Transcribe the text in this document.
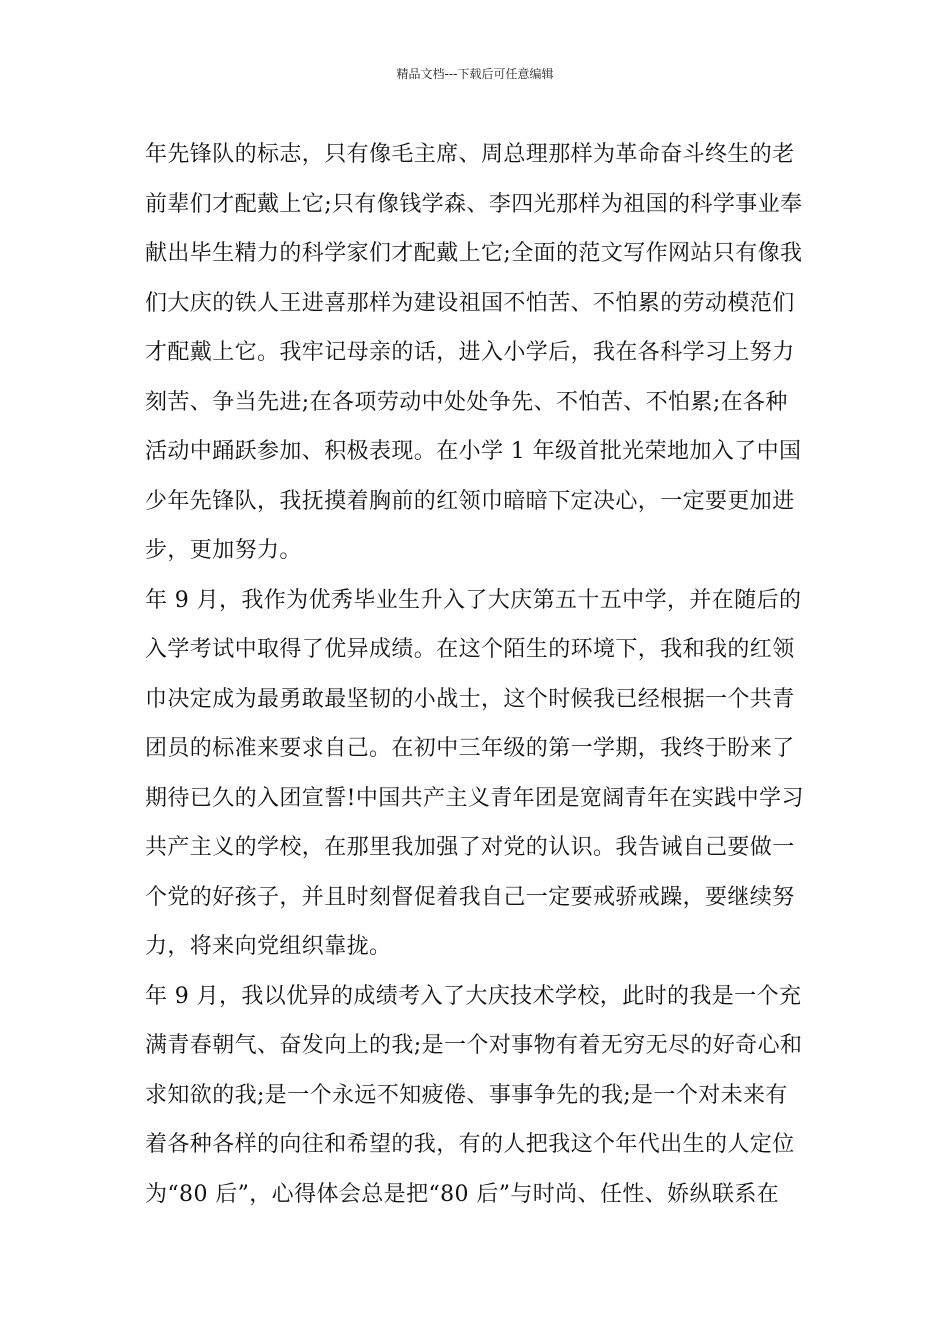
精品文档---下载后可任意编辑
年先锋队的标志，只有像毛主席、周总理那样为革命奋斗终生的老
前辈们才配戴上它;只有像钱学森、李四光那样为祖国的科学事业奉
献出毕生精力的科学家们才配戴上它;全面的范文写作网站只有像我
们大庆的铁人王进喜那样为建设祖国不怕苦、不怕累的劳动模范们
才配戴上它。我牢记母亲的话，进入小学后，我在各科学习上努力
刻苦、争当先进;在各项劳动中处处争先、不怕苦、不怕累;在各种
活动中踊跃参加、积极表现。在小学 1 年级首批光荣地加入了中国
少年先锋队，我抚摸着胸前的红领巾暗暗下定决心，一定要更加进
步，更加努力。
年 9 月，我作为优秀毕业生升入了大庆第五十五中学，并在随后的
入学考试中取得了优异成绩。在这个陌生的环境下，我和我的红领
巾决定成为最勇敢最坚韧的小战士，这个时候我已经根据一个共青
团员的标准来要求自己。在初中三年级的第一学期，我终于盼来了
期待已久的入团宣誓!中国共产主义青年团是宽阔青年在实践中学习
共产主义的学校，在那里我加强了对党的认识。我告诫自己要做一
个党的好孩子，并且时刻督促着我自己一定要戒骄戒躁，要继续努
力，将来向党组织靠拢。
年 9 月，我以优异的成绩考入了大庆技术学校，此时的我是一个充
满青春朝气、奋发向上的我;是一个对事物有着无穷无尽的好奇心和
求知欲的我;是一个永远不知疲倦、事事争先的我;是一个对未来有
着各种各样的向往和希望的我，有的人把我这个年代出生的人定位
为“80 后”，心得体会总是把“80 后”与时尚、任性、娇纵联系在
